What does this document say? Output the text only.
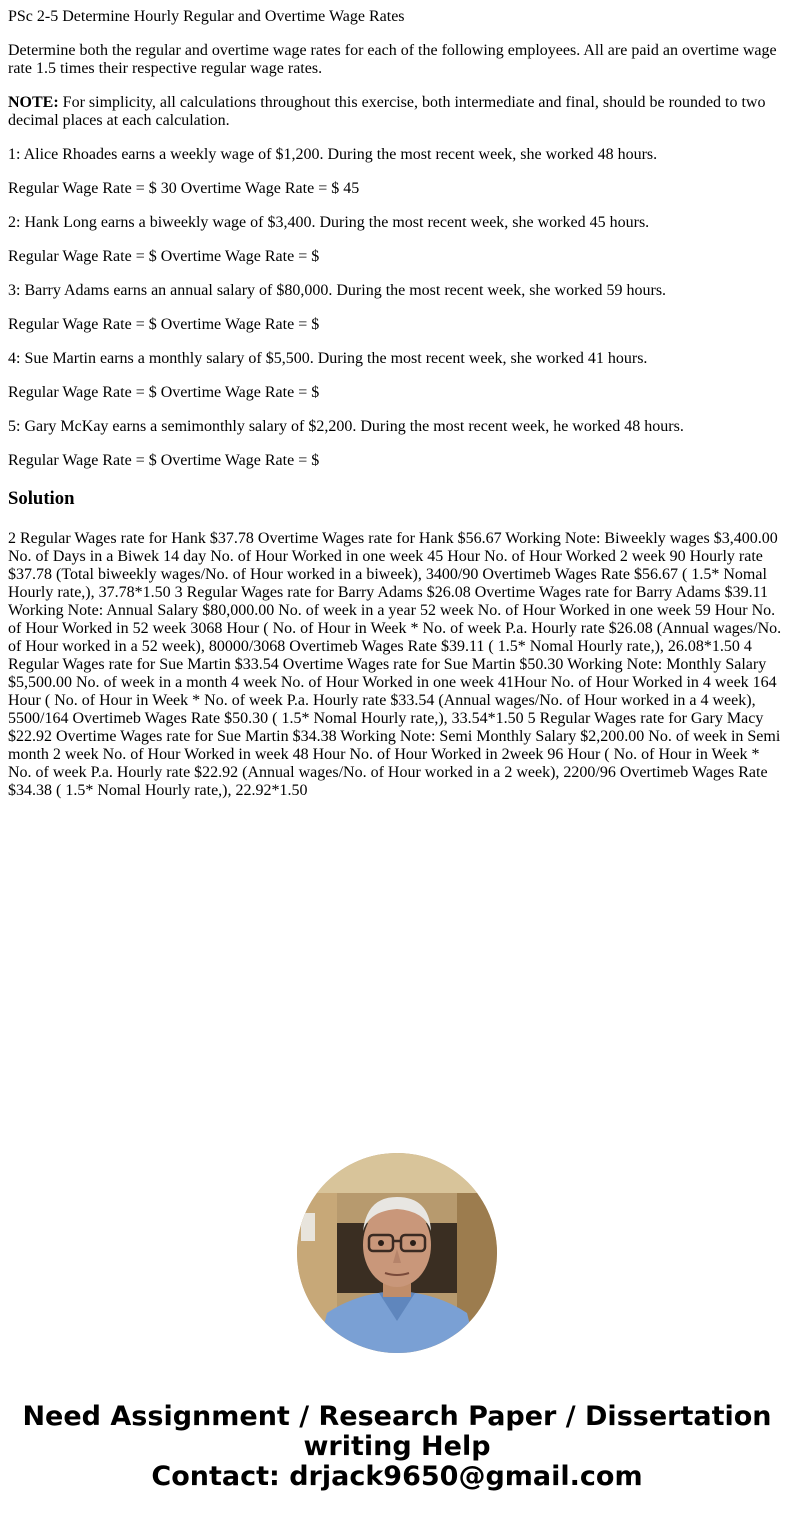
PSc 2-5 Determine Hourly Regular and Overtime Wage Rates

Determine both the regular and overtime wage rates for each of the following employees. All are paid an overtime wage rate 1.5 times their respective regular wage rates.

NOTE: For simplicity, all calculations throughout this exercise, both intermediate and final, should be rounded to two decimal places at each calculation.

1: Alice Rhoades earns a weekly wage of $1,200. During the most recent week, she worked 48 hours.

Regular Wage Rate = $ 30 Overtime Wage Rate = $ 45

2: Hank Long earns a biweekly wage of $3,400. During the most recent week, she worked 45 hours.

Regular Wage Rate = $ Overtime Wage Rate = $

3: Barry Adams earns an annual salary of $80,000. During the most recent week, she worked 59 hours.

Regular Wage Rate = $ Overtime Wage Rate = $

4: Sue Martin earns a monthly salary of $5,500. During the most recent week, she worked 41 hours.

Regular Wage Rate = $ Overtime Wage Rate = $

5: Gary McKay earns a semimonthly salary of $2,200. During the most recent week, he worked 48 hours.

Regular Wage Rate = $ Overtime Wage Rate = $

Solution

2 Regular Wages rate for Hank $37.78 Overtime Wages rate for Hank $56.67 Working Note: Biweekly wages $3,400.00 No. of Days in a Biwek 14 day No. of Hour Worked in one week 45 Hour No. of Hour Worked 2 week 90 Hourly rate $37.78 (Total biweekly wages/No. of Hour worked in a biweek), 3400/90 Overtimeb Wages Rate $56.67 ( 1.5* Nomal Hourly rate,), 37.78*1.50 3 Regular Wages rate for Barry Adams $26.08 Overtime Wages rate for Barry Adams $39.11 Working Note: Annual Salary $80,000.00 No. of week in a year 52 week No. of Hour Worked in one week 59 Hour No. of Hour Worked in 52 week 3068 Hour ( No. of Hour in Week * No. of week P.a. Hourly rate $26.08 (Annual wages/No. of Hour worked in a 52 week), 80000/3068 Overtimeb Wages Rate $39.11 ( 1.5* Nomal Hourly rate,), 26.08*1.50 4 Regular Wages rate for Sue Martin $33.54 Overtime Wages rate for Sue Martin $50.30 Working Note: Monthly Salary $5,500.00 No. of week in a month 4 week No. of Hour Worked in one week 41Hour No. of Hour Worked in 4 week 164 Hour ( No. of Hour in Week * No. of week P.a. Hourly rate $33.54 (Annual wages/No. of Hour worked in a 4 week), 5500/164 Overtimeb Wages Rate $50.30 ( 1.5* Nomal Hourly rate,), 33.54*1.50 5 Regular Wages rate for Gary Macy $22.92 Overtime Wages rate for Sue Martin $34.38 Working Note: Semi Monthly Salary $2,200.00 No. of week in Semi month 2 week No. of Hour Worked in week 48 Hour No. of Hour Worked in 2week 96 Hour ( No. of Hour in Week * No. of week P.a. Hourly rate $22.92 (Annual wages/No. of Hour worked in a 2 week), 2200/96 Overtimeb Wages Rate $34.38 ( 1.5* Nomal Hourly rate,), 22.92*1.50

Need Assignment / Research Paper / Dissertation
writing Help
Contact: drjack9650@gmail.com
